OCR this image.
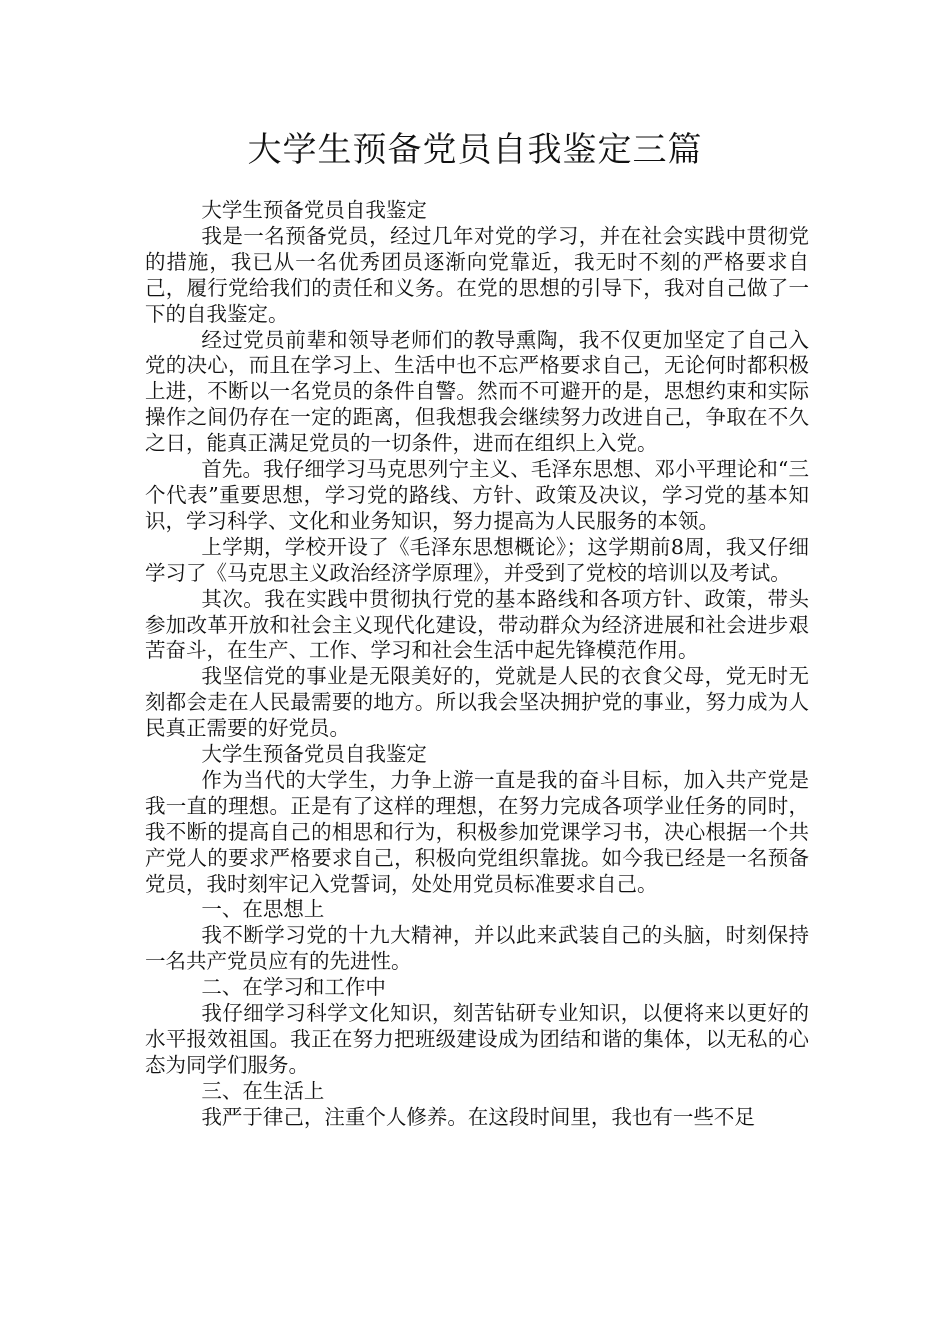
大学生预备党员自我鉴定三篇

大学生预备党员自我鉴定

我是一名预备党员，经过几年对党的学习，并在社会实践中贯彻党的措施，我已从一名优秀团员逐渐向党靠近，我无时不刻的严格要求自己，履行党给我们的责任和义务。在党的思想的引导下，我对自己做了一下的自我鉴定。

经过党员前辈和领导老师们的教导熏陶，我不仅更加坚定了自己入党的决心，而且在学习上、生活中也不忘严格要求自己，无论何时都积极上进，不断以一名党员的条件自警。然而不可避开的是，思想约束和实际操作之间仍存在一定的距离，但我想我会继续努力改进自己，争取在不久之日，能真正满足党员的一切条件，进而在组织上入党。

首先。我仔细学习马克思列宁主义、毛泽东思想、邓小平理论和“三个代表”重要思想，学习党的路线、方针、政策及决议，学习党的基本知识，学习科学、文化和业务知识，努力提高为人民服务的本领。

上学期，学校开设了《毛泽东思想概论》；这学期前8周，我又仔细学习了《马克思主义政治经济学原理》，并受到了党校的培训以及考试。

其次。我在实践中贯彻执行党的基本路线和各项方针、政策，带头参加改革开放和社会主义现代化建设，带动群众为经济进展和社会进步艰苦奋斗，在生产、工作、学习和社会生活中起先锋模范作用。

我坚信党的事业是无限美好的，党就是人民的衣食父母，党无时无刻都会走在人民最需要的地方。所以我会坚决拥护党的事业，努力成为人民真正需要的好党员。

大学生预备党员自我鉴定

作为当代的大学生，力争上游一直是我的奋斗目标，加入共产党是我一直的理想。正是有了这样的理想，在努力完成各项学业任务的同时，我不断的提高自己的相思和行为，积极参加党课学习书，决心根据一个共产党人的要求严格要求自己，积极向党组织靠拢。如今我已经是一名预备党员，我时刻牢记入党誓词，处处用党员标准要求自己。

一、在思想上

我不断学习党的十九大精神，并以此来武装自己的头脑，时刻保持一名共产党员应有的先进性。

二、在学习和工作中

我仔细学习科学文化知识，刻苦钻研专业知识，以便将来以更好的水平报效祖国。我正在努力把班级建设成为团结和谐的集体，以无私的心态为同学们服务。

三、在生活上

我严于律己，注重个人修养。在这段时间里，我也有一些不足
